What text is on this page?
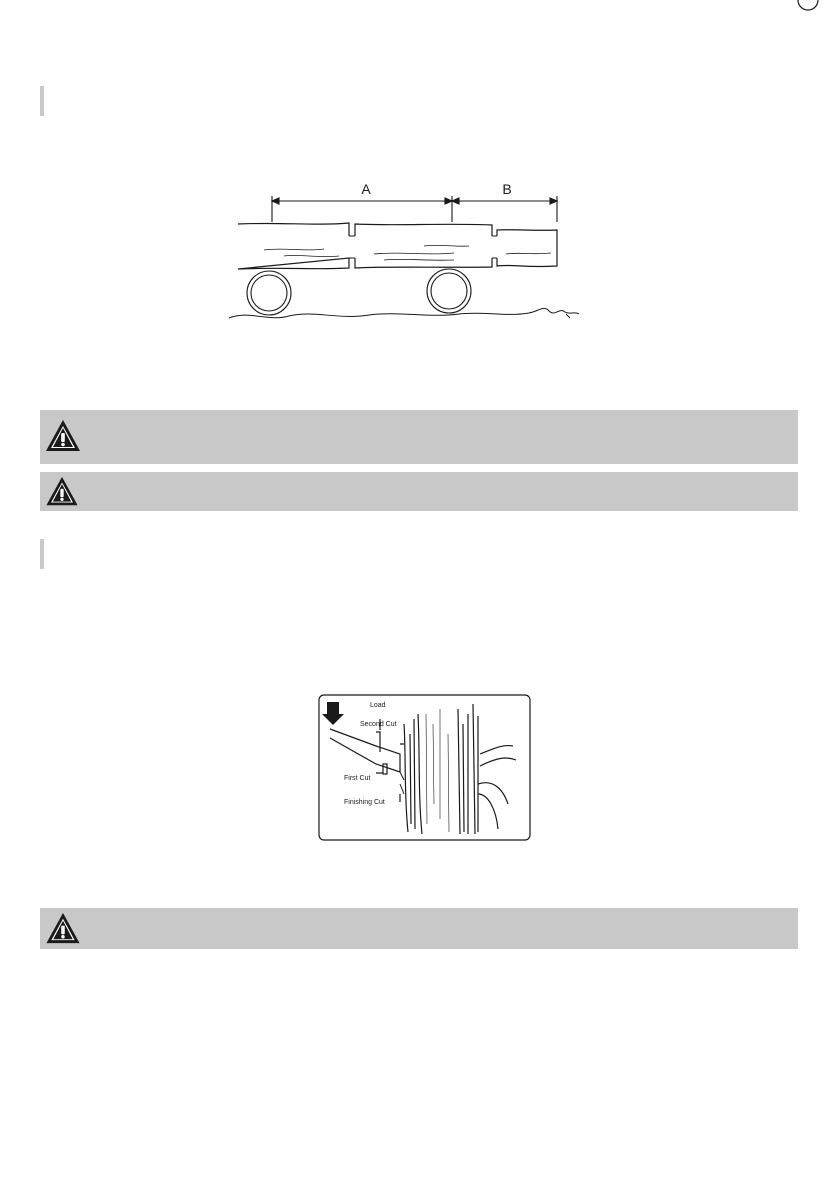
A	B
Load
Second Cut
First Cut
Finishing Cut
